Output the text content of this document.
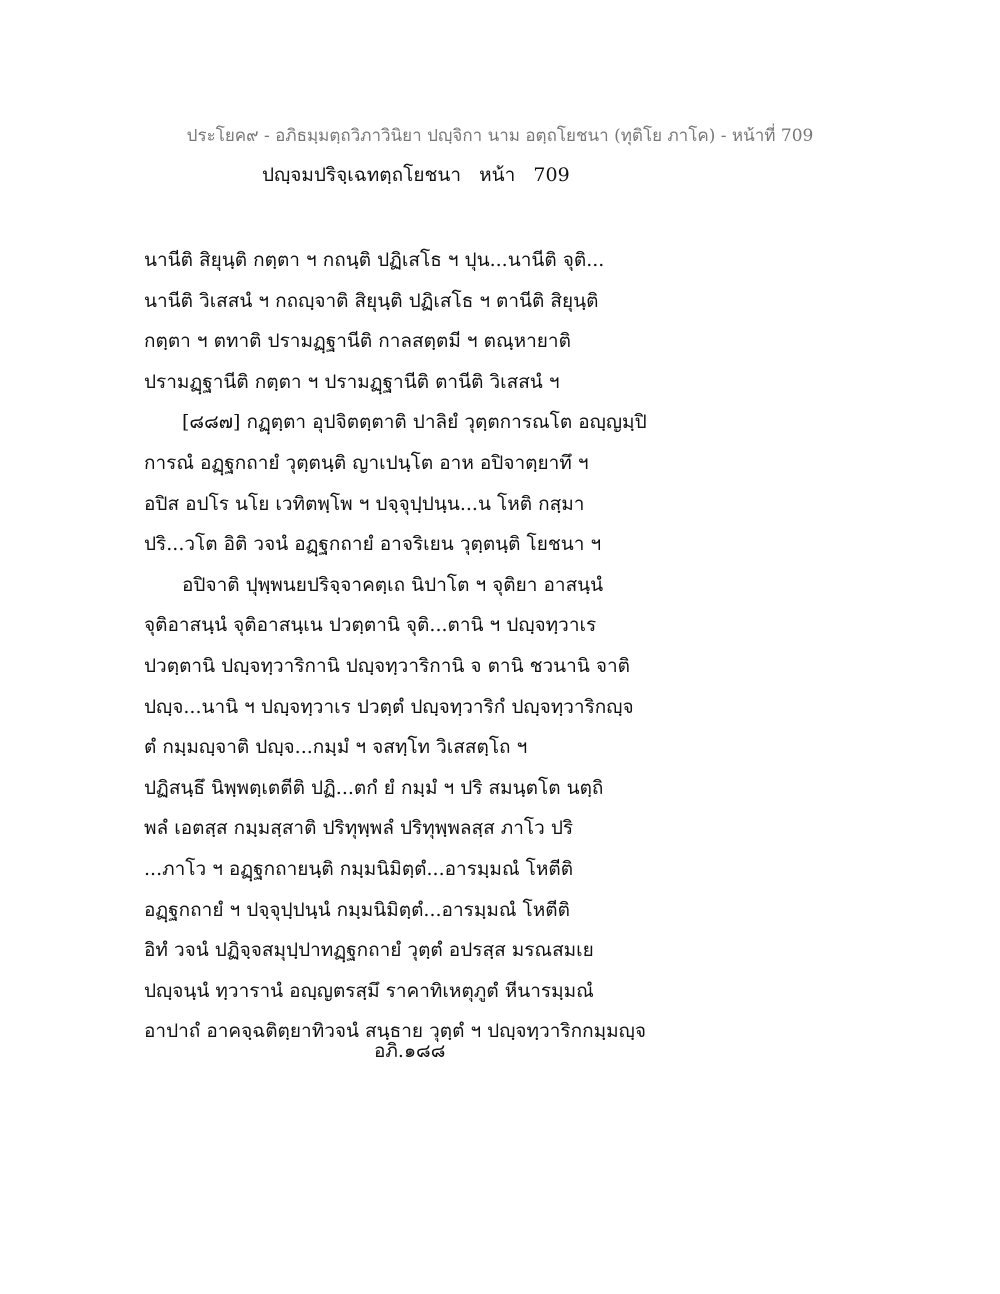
ประโยค๙ - อภิธมฺมตฺถวิภาวินิยา ปญฺจิกา นาม อตฺถโยชนา (ทุติโย ภาโค) - หน้าที่ 709
ปญฺจมปริจฺเฉทตฺถโยชนา   หน้า   709
นานีติ สิยุนฺติ กตฺตา ฯ กถนฺติ ปฏิเสโธ ฯ ปุน...นานีติ จุติ...
นานีติ วิเสสนํ ฯ กถญฺจาติ สิยุนฺติ ปฏิเสโธ ฯ ตานีติ สิยุนฺติ
กตฺตา ฯ ตทาติ ปรามฏฺฐานีติ กาลสตฺตมี ฯ ตณฺหายาติ
ปรามฏฺฐานีติ กตฺตา ฯ ปรามฏฺฐานีติ ตานีติ วิเสสนํ ฯ
[๘๘๗] กฏฺตฺตา อุปจิตตฺตาติ ปาลิยํ วุตฺตการณโต อญฺญมฺปิ
การณํ อฏฺฐกถายํ วุตฺตนฺติ ญาเปนฺโต อาห อปิจาตฺยาทึ ฯ
อปิส อปโร นโย เวทิตพฺโพ ฯ ปจฺจุปฺปนฺน...น โหติ กสฺมา
ปริ...วโต อิติ วจนํ อฏฺฐกถายํ อาจริเยน วุตฺตนฺติ โยชนา ฯ
อปิจาติ ปุพฺพนยปริจฺจาคตฺเถ นิปาโต ฯ จุติยา อาสนฺนํ
จุติอาสนฺนํ จุติอาสนฺเน ปวตฺตานิ จุติ...ตานิ ฯ ปญฺจทฺวาเร
ปวตฺตานิ ปญฺจทฺวาริกานิ ปญฺจทฺวาริกานิ จ ตานิ ชวนานิ จาติ
ปญฺจ...นานิ ฯ ปญฺจทฺวาเร ปวตฺตํ ปญฺจทฺวาริกํ ปญฺจทฺวาริกญฺจ
ตํ กมฺมญฺจาติ ปญฺจ...กมฺมํ ฯ จสทฺโท วิเสสตฺโถ ฯ
ปฏิสนฺธึ นิพฺพตฺเตตีติ ปฏิ...ตกํ ยํ กมฺมํ ฯ ปริ สมนฺตโต นตฺถิ
พลํ เอตสฺส กมฺมสฺสาติ ปริทุพฺพลํ ปริทุพฺพลสฺส ภาโว ปริ
...ภาโว ฯ อฏฺฐกถายนฺติ กมฺมนิมิตฺตํ...อารมฺมณํ โหตีติ
อฏฺฐกถายํ ฯ ปจฺจุปฺปนฺนํ กมฺมนิมิตฺตํ...อารมฺมณํ โหตีติ
อิทํ วจนํ ปฏิจฺจสมุปฺปาทฏฺฐกถายํ วุตฺตํ อปรสฺส มรณสมเย
ปญฺจนฺนํ ทฺวารานํ อญฺญตรสฺมึ ราคาทิเหตุภูตํ หีนารมฺมณํ
อาปาถํ อาคจฺฉติตฺยาทิวจนํ สนฺธาย วุตฺตํ ฯ ปญฺจทฺวาริกกมฺมญฺจ
อภิ.๑๘๘
